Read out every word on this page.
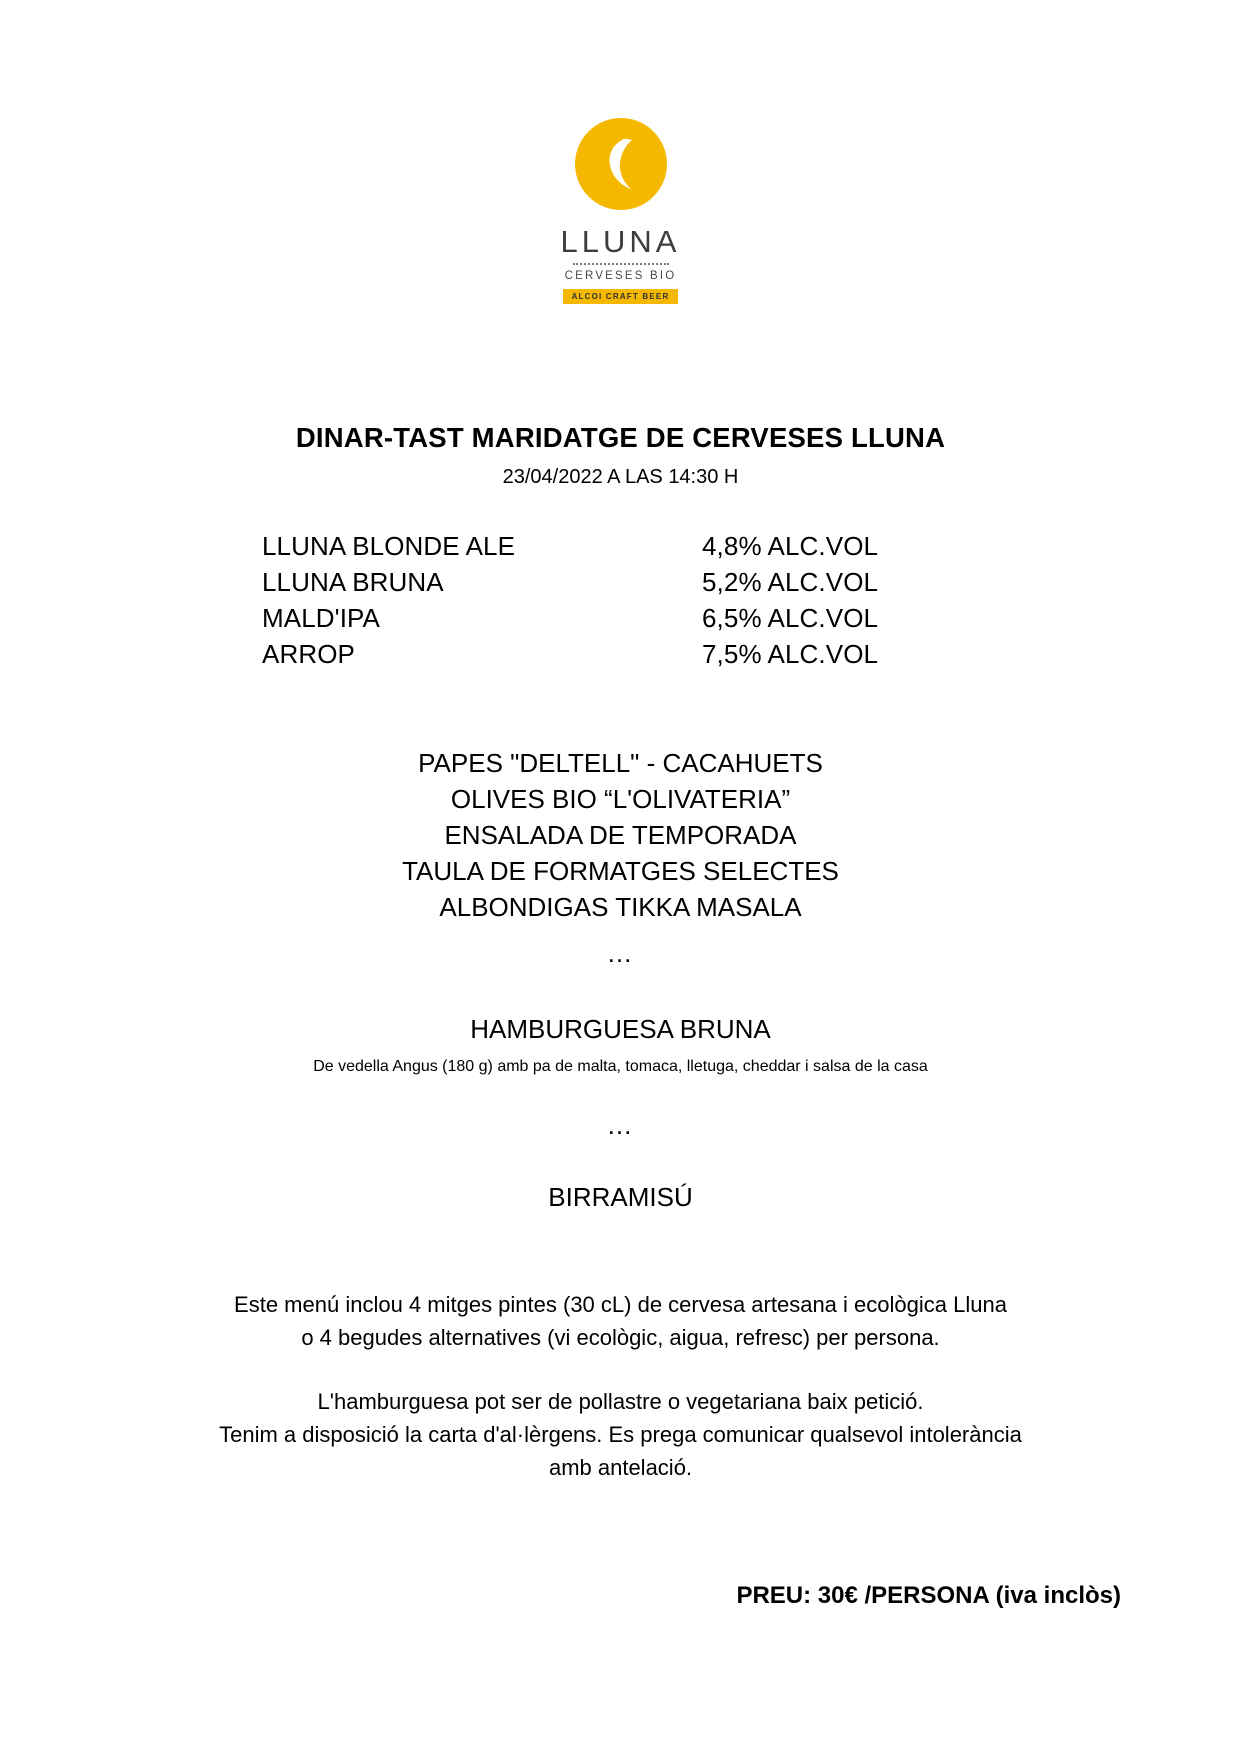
LLUNA
CERVESES BIO
ALCOI CRAFT BEER
DINAR-TAST MARIDATGE DE CERVESES LLUNA
23/04/2022 A LAS 14:30 H
LLUNA BLONDE ALE	4,8% ALC.VOL
LLUNA BRUNA	5,2% ALC.VOL
MALD'IPA	6,5% ALC.VOL
ARROP	7,5% ALC.VOL
PAPES "DELTELL" - CACAHUETS
OLIVES BIO “L'OLIVATERIA”
ENSALADA DE TEMPORADA
TAULA DE FORMATGES SELECTES
ALBONDIGAS TIKKA MASALA
…
HAMBURGUESA BRUNA
De vedella Angus (180 g) amb pa de malta, tomaca, lletuga, cheddar i salsa de la casa
…
BIRRAMISÚ
Este menú inclou 4 mitges pintes (30 cL) de cervesa artesana i ecològica Lluna
o 4 begudes alternatives (vi ecològic, aigua, refresc) per persona.
L'hamburguesa pot ser de pollastre o vegetariana baix petició.
Tenim a disposició la carta d'al·lèrgens. Es prega comunicar qualsevol intolerància
amb antelació.
PREU: 30€ /PERSONA (iva inclòs)
